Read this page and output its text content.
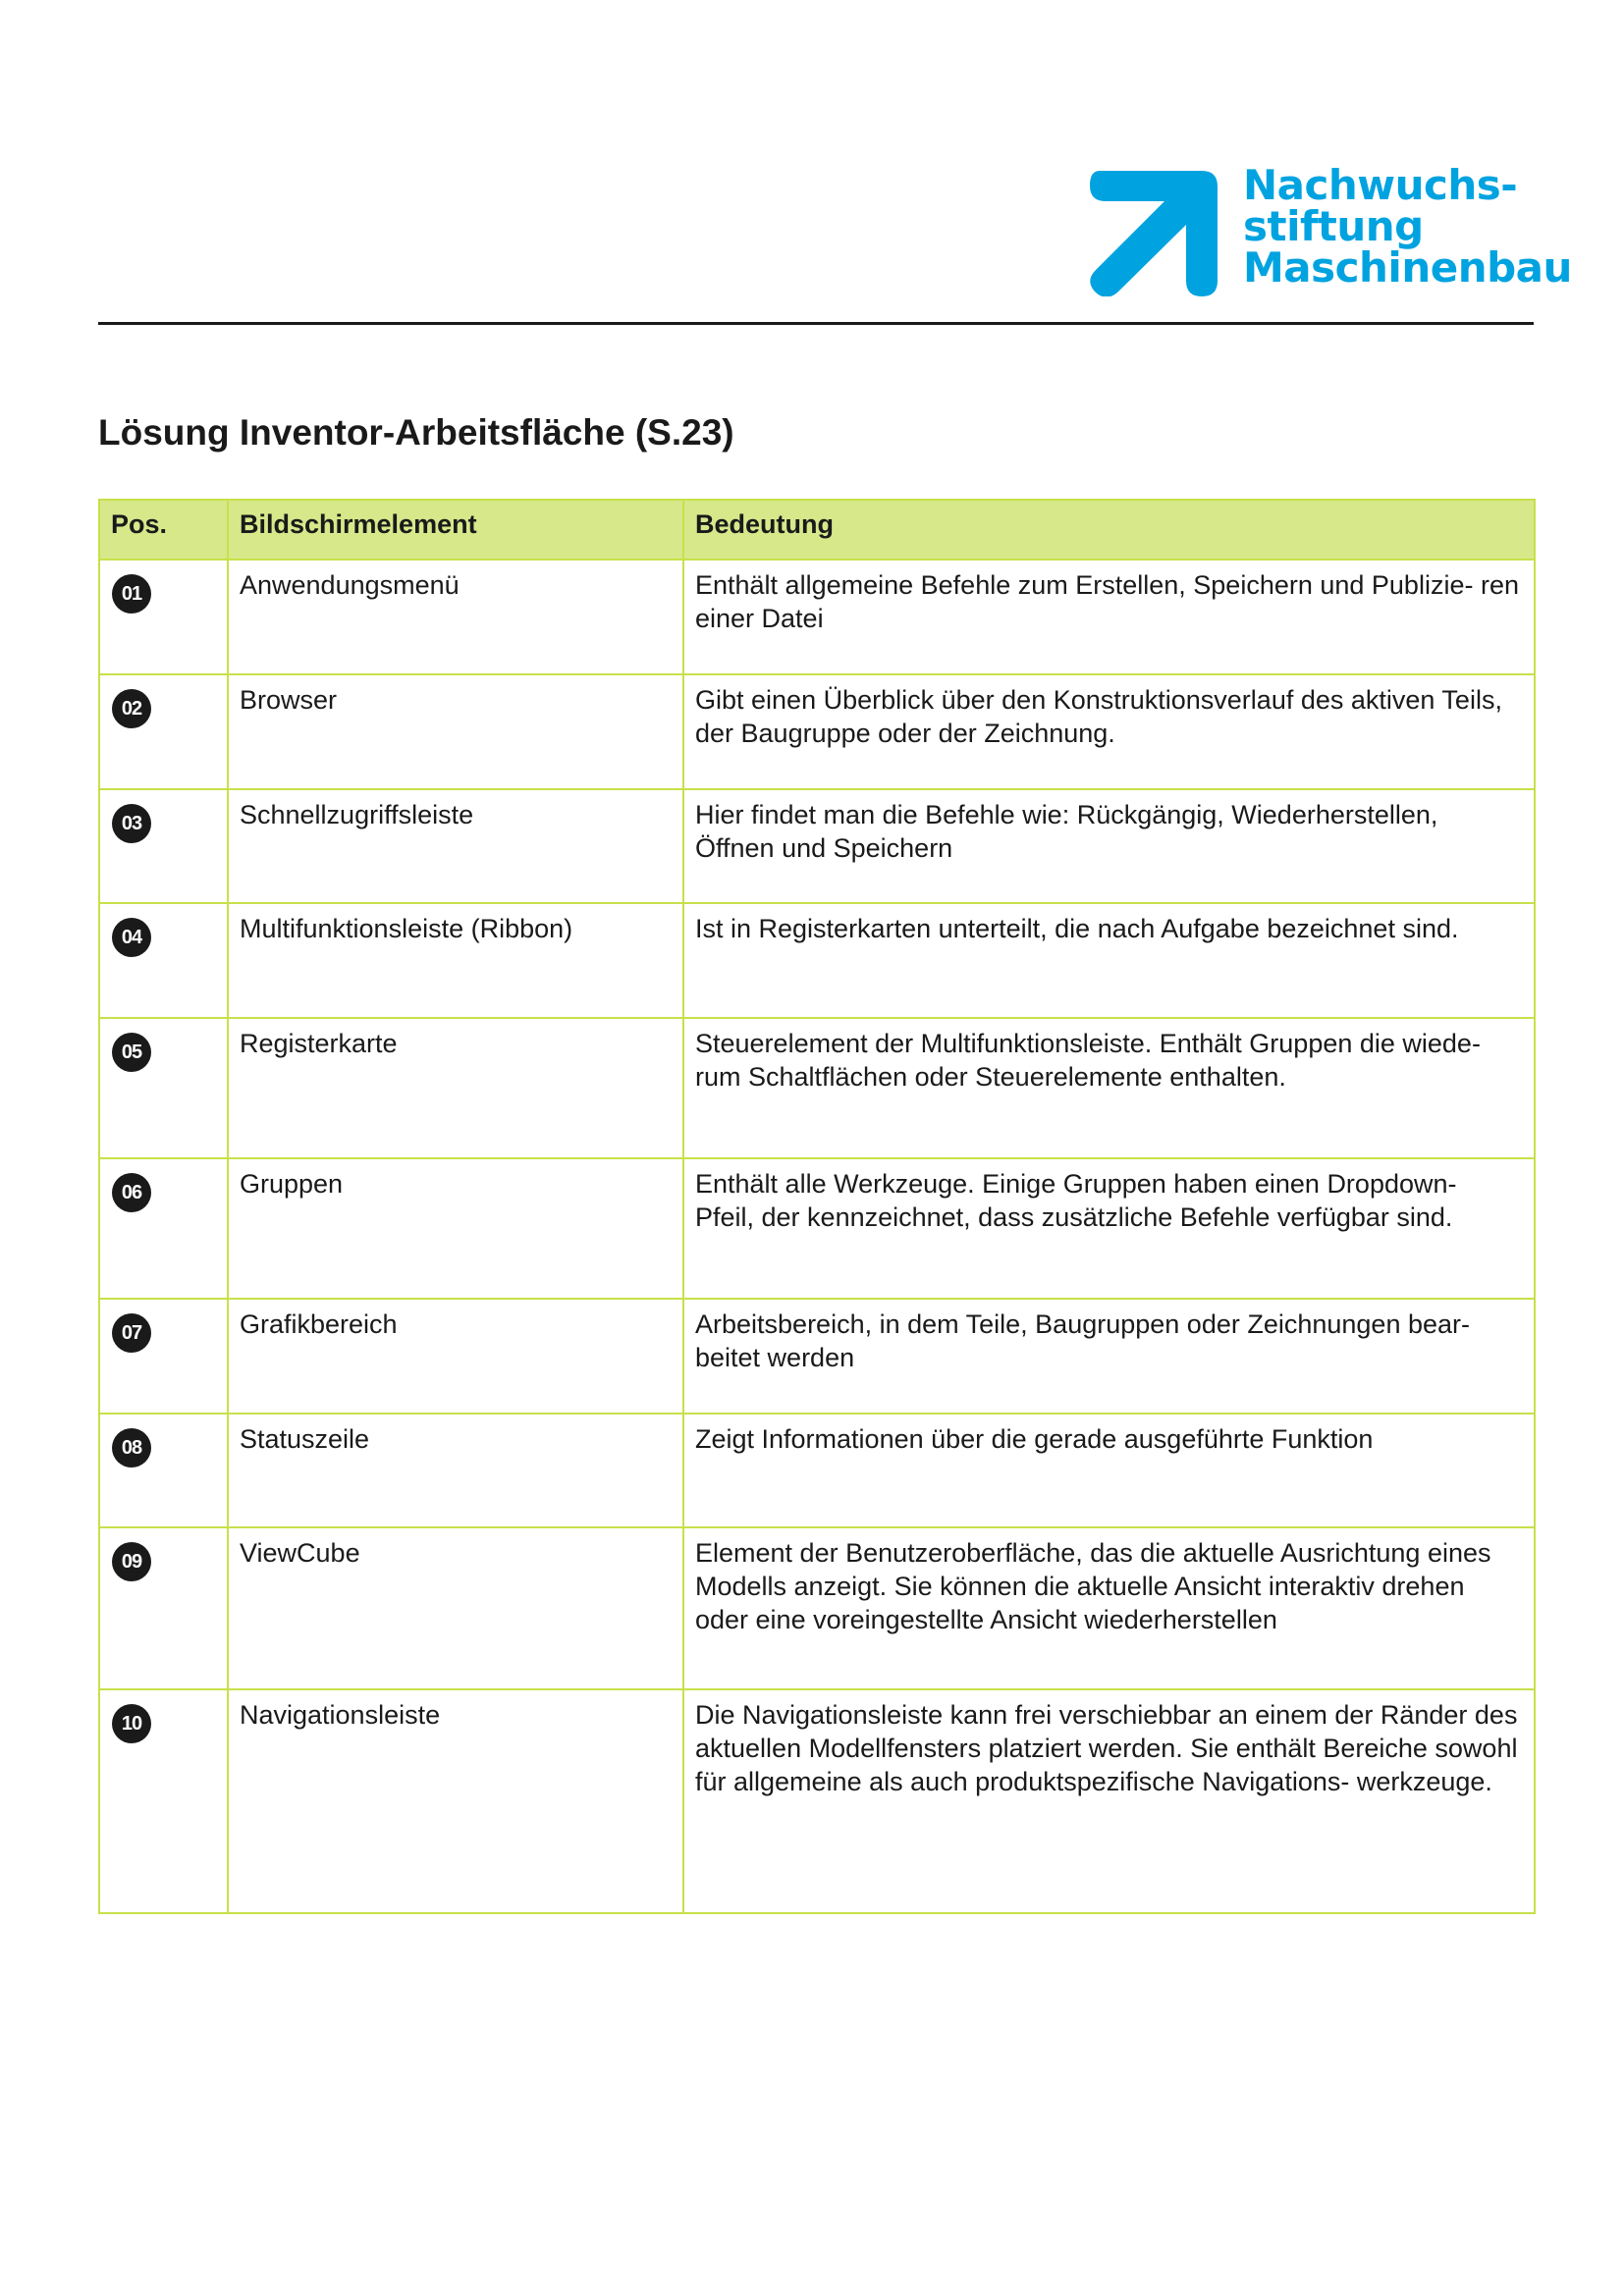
Nachwuchs-
stiftung
Maschinenbau
Lösung Inventor-Arbeitsfläche (S.23)
Pos.	Bildschirmelement	Bedeutung
01	Anwendungsmenü	Enthält allgemeine Befehle zum Erstellen, Speichern und Publizie- ren einer Datei
02	Browser	Gibt einen Überblick über den Konstruktionsverlauf des aktiven Teils, der Baugruppe oder der Zeichnung.
03	Schnellzugriffsleiste	Hier findet man die Befehle wie: Rückgängig, Wiederherstellen, Öffnen und Speichern
04	Multifunktionsleiste (Ribbon)	Ist in Registerkarten unterteilt, die nach Aufgabe bezeichnet sind.
05	Registerkarte	Steuerelement der Multifunktionsleiste. Enthält Gruppen die wiede- rum Schaltflächen oder Steuerelemente enthalten.
06	Gruppen	Enthält alle Werkzeuge. Einige Gruppen haben einen Dropdown- Pfeil, der kennzeichnet, dass zusätzliche Befehle verfügbar sind.
07	Grafikbereich	Arbeitsbereich, in dem Teile, Baugruppen oder Zeichnungen bear- beitet werden
08	Statuszeile	Zeigt Informationen über die gerade ausgeführte Funktion
09	ViewCube	Element der Benutzeroberfläche, das die aktuelle Ausrichtung eines Modells anzeigt. Sie können die aktuelle Ansicht interaktiv drehen oder eine voreingestellte Ansicht wiederherstellen
10	Navigationsleiste	Die Navigationsleiste kann frei verschiebbar an einem der Ränder des aktuellen Modellfensters platziert werden. Sie enthält Bereiche sowohl für allgemeine als auch produktspezifische Navigations- werkzeuge.
